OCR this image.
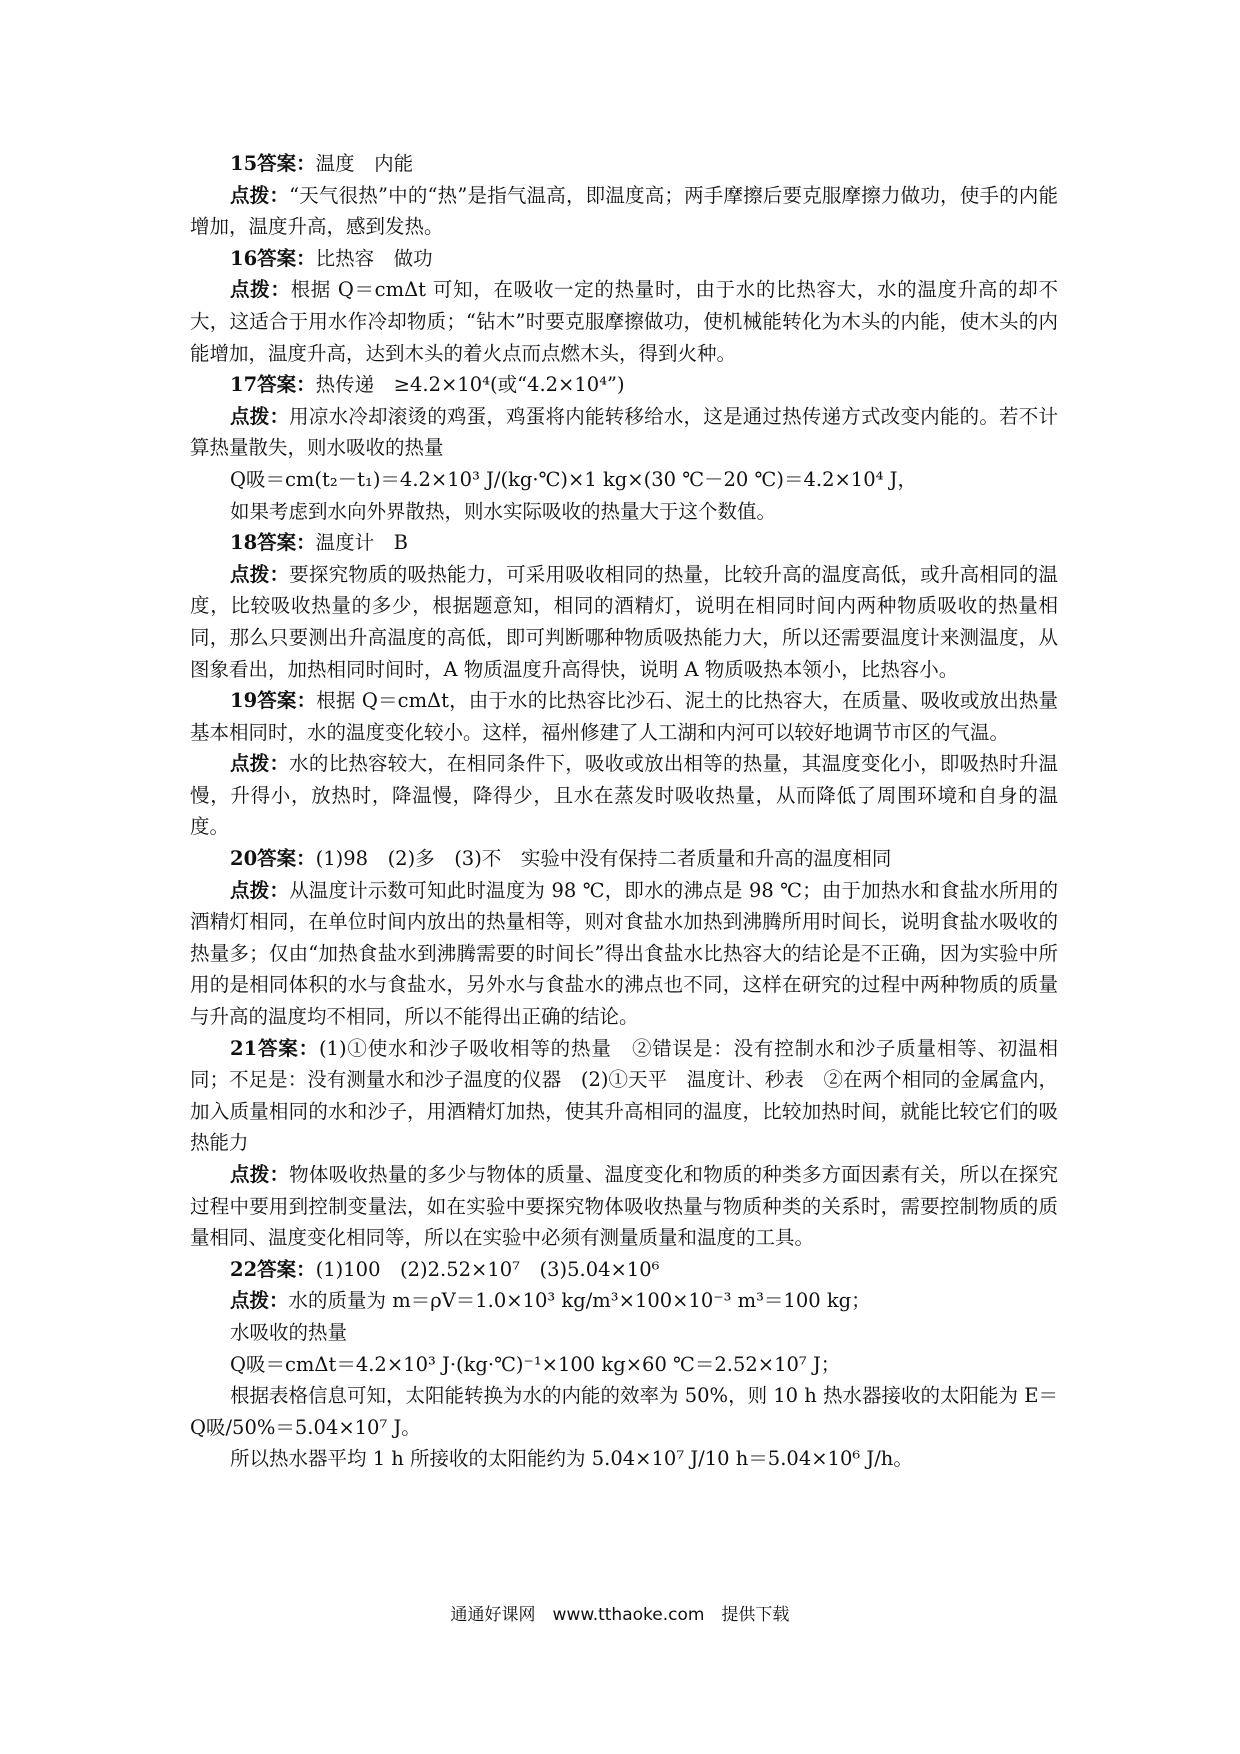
15答案：温度　内能

点拨：“天气很热”中的“热”是指气温高，即温度高；两手摩擦后要克服摩擦力做功，使手的内能增加，温度升高，感到发热。

16答案：比热容　做功

点拨：根据 Q＝cmΔt 可知，在吸收一定的热量时，由于水的比热容大，水的温度升高的却不大，这适合于用水作冷却物质；“钻木”时要克服摩擦做功，使机械能转化为木头的内能，使木头的内能增加，温度升高，达到木头的着火点而点燃木头，得到火种。

17答案：热传递　≥4.2×10⁴(或“4.2×10⁴”)

点拨：用凉水冷却滚烫的鸡蛋，鸡蛋将内能转移给水，这是通过热传递方式改变内能的。若不计算热量散失，则水吸收的热量

Q吸＝cm(t₂－t₁)＝4.2×10³ J/(kg·℃)×1 kg×(30 ℃－20 ℃)＝4.2×10⁴ J，

如果考虑到水向外界散热，则水实际吸收的热量大于这个数值。

18答案：温度计　B

点拨：要探究物质的吸热能力，可采用吸收相同的热量，比较升高的温度高低，或升高相同的温度，比较吸收热量的多少，根据题意知，相同的酒精灯，说明在相同时间内两种物质吸收的热量相同，那么只要测出升高温度的高低，即可判断哪种物质吸热能力大，所以还需要温度计来测温度，从图象看出，加热相同时间时，A 物质温度升高得快，说明 A 物质吸热本领小，比热容小。

19答案：根据 Q＝cmΔt，由于水的比热容比沙石、泥土的比热容大，在质量、吸收或放出热量基本相同时，水的温度变化较小。这样，福州修建了人工湖和内河可以较好地调节市区的气温。

点拨：水的比热容较大，在相同条件下，吸收或放出相等的热量，其温度变化小，即吸热时升温慢，升得小，放热时，降温慢，降得少，且水在蒸发时吸收热量，从而降低了周围环境和自身的温度。

20答案：(1)98　(2)多　(3)不　实验中没有保持二者质量和升高的温度相同

点拨：从温度计示数可知此时温度为 98 ℃，即水的沸点是 98 ℃；由于加热水和食盐水所用的酒精灯相同，在单位时间内放出的热量相等，则对食盐水加热到沸腾所用时间长，说明食盐水吸收的热量多；仅由“加热食盐水到沸腾需要的时间长”得出食盐水比热容大的结论是不正确，因为实验中所用的是相同体积的水与食盐水，另外水与食盐水的沸点也不同，这样在研究的过程中两种物质的质量与升高的温度均不相同，所以不能得出正确的结论。

21答案：(1)①使水和沙子吸收相等的热量　②错误是：没有控制水和沙子质量相等、初温相同；不足是：没有测量水和沙子温度的仪器　(2)①天平　温度计、秒表　②在两个相同的金属盒内，加入质量相同的水和沙子，用酒精灯加热，使其升高相同的温度，比较加热时间，就能比较它们的吸热能力

点拨：物体吸收热量的多少与物体的质量、温度变化和物质的种类多方面因素有关，所以在探究过程中要用到控制变量法，如在实验中要探究物体吸收热量与物质种类的关系时，需要控制物质的质量相同、温度变化相同等，所以在实验中必须有测量质量和温度的工具。

22答案：(1)100　(2)2.52×10⁷　(3)5.04×10⁶

点拨：水的质量为 m＝ρV＝1.0×10³ kg/m³×100×10⁻³ m³＝100 kg；

水吸收的热量

Q吸＝cmΔt＝4.2×10³ J·(kg·℃)⁻¹×100 kg×60 ℃＝2.52×10⁷ J；

根据表格信息可知，太阳能转换为水的内能的效率为 50%，则 10 h 热水器接收的太阳能为 E＝Q吸/50%＝5.04×10⁷ J。

所以热水器平均 1 h 所接收的太阳能约为 5.04×10⁷ J/10 h＝5.04×10⁶ J/h。

通通好课网　www.tthaoke.com　提供下载
